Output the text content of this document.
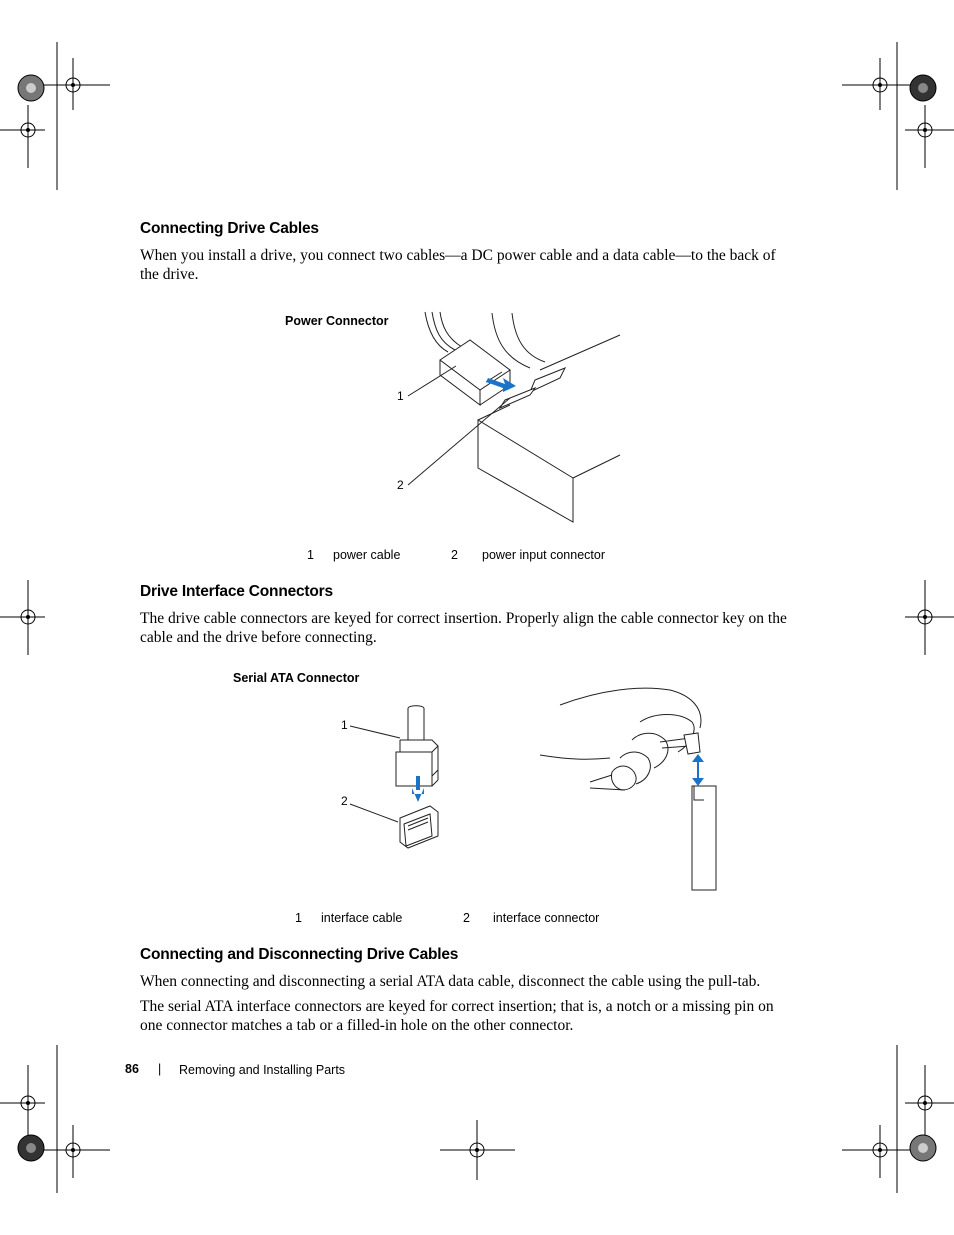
Connecting Drive Cables
When you install a drive, you connect two cables—a DC power cable and a data cable—to the back of
the drive.
Power Connector
1
2
1 power cable	2 power input connector
Drive Interface Connectors
The drive cable connectors are keyed for correct insertion. Properly align the cable connector key on the
cable and the drive before connecting.
Serial ATA Connector
1
2
1 interface cable	2 interface connector
Connecting and Disconnecting Drive Cables
When connecting and disconnecting a serial ATA data cable, disconnect the cable using the pull-tab.
The serial ATA interface connectors are keyed for correct insertion; that is, a notch or a missing pin on
one connector matches a tab or a filled-in hole on the other connector.
86 | Removing and Installing Parts
